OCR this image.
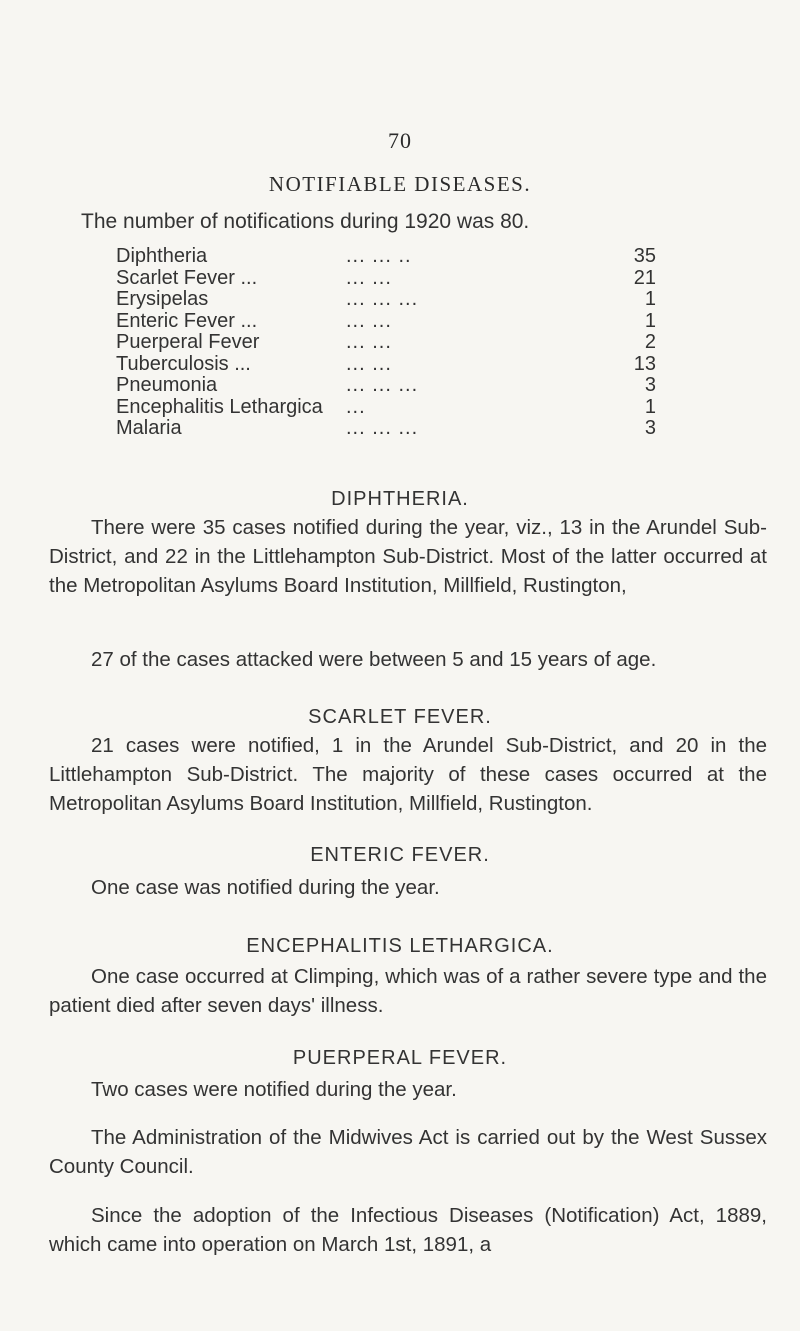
70
NOTIFIABLE DISEASES.
The number of notifications during 1920 was 80.
Diphtheria	... ... ..	35
Scarlet Fever ...	... ...	21
Erysipelas	... ... ...	1
Enteric Fever ...	... ...	1
Puerperal Fever	... ...	2
Tuberculosis ...	... ...	13
Pneumonia	... ... ...	3
Encephalitis Lethargica ...	1
Malaria	... ... ...	3
DIPHTHERIA.

There were 35 cases notified during the year, viz., 13 in the Arundel Sub-District, and 22 in the Littlehampton Sub-District. Most of the latter occurred at the Metropolitan Asylums Board Institution, Millfield, Rustington,

27 of the cases attacked were between 5 and 15 years of age.

SCARLET FEVER.

21 cases were notified, 1 in the Arundel Sub-District, and 20 in the Littlehampton Sub-District. The majority of these cases occurred at the Metropolitan Asylums Board Institution, Millfield, Rustington.

ENTERIC FEVER.

One case was notified during the year.

ENCEPHALITIS LETHARGICA.

One case occurred at Climping, which was of a rather severe type and the patient died after seven days' illness.

PUERPERAL FEVER.

Two cases were notified during the year.

The Administration of the Midwives Act is carried out by the West Sussex County Council.

Since the adoption of the Infectious Diseases (Notification) Act, 1889, which came into operation on March 1st, 1891, a
